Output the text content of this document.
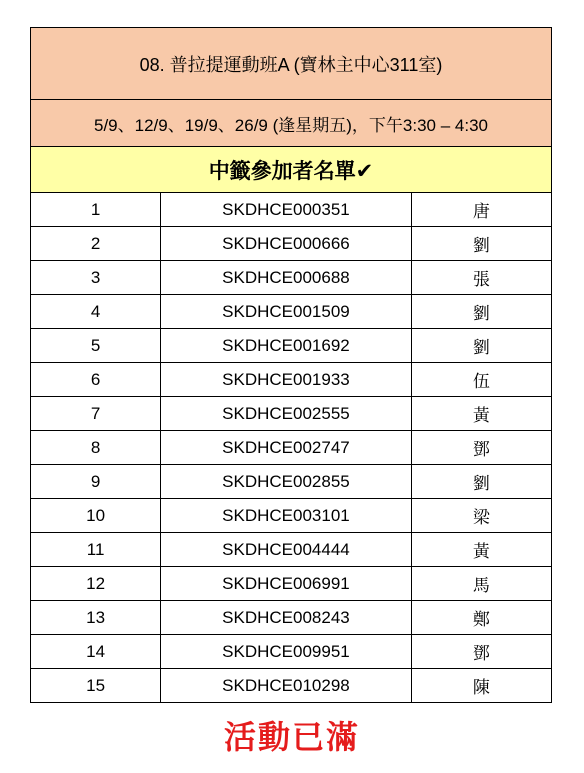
08. 普拉提運動班A (寶林主中心311室)		
5/9、12/9、19/9、26/9 (逢星期五)，下午3:30 – 4:30		
中籤參加者名單✔		
1	SKDHCE000351	唐
2	SKDHCE000666	劉
3	SKDHCE000688	張
4	SKDHCE001509	劉
5	SKDHCE001692	劉
6	SKDHCE001933	伍
7	SKDHCE002555	黃
8	SKDHCE002747	鄧
9	SKDHCE002855	劉
10	SKDHCE003101	梁
11	SKDHCE004444	黃
12	SKDHCE006991	馬
13	SKDHCE008243	鄭
14	SKDHCE009951	鄧
15	SKDHCE010298	陳
活動已滿
